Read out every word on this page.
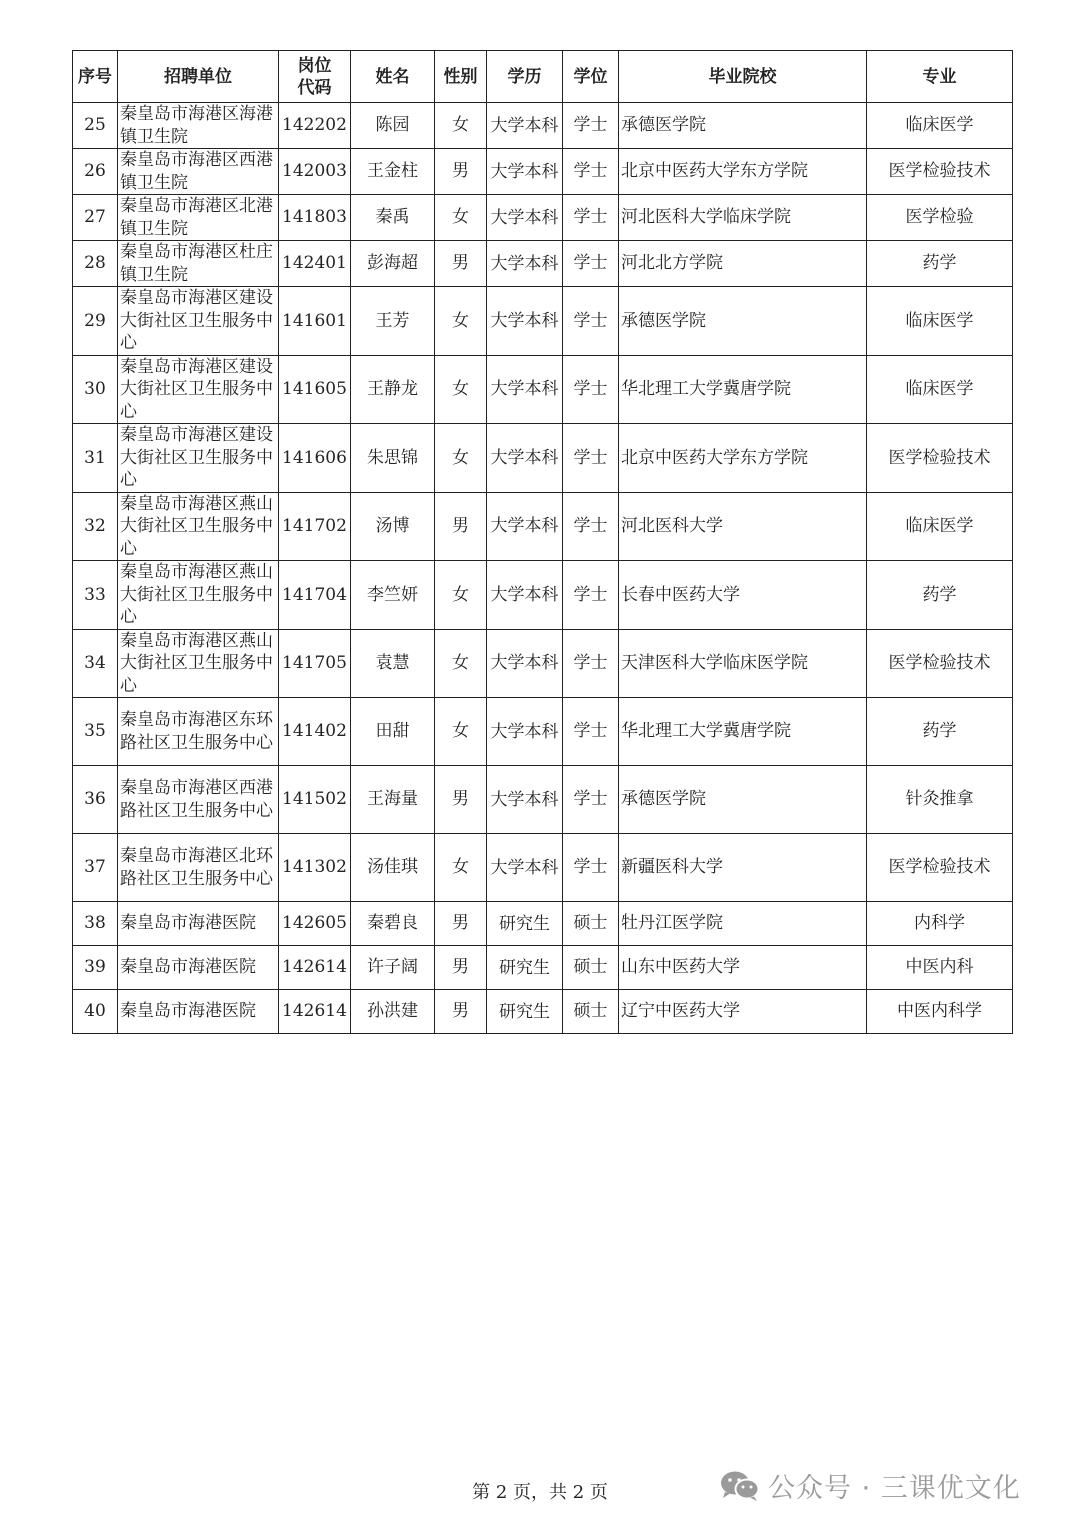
序号	招聘单位	岗位代码	姓名	性别	学历	学位	毕业院校	专业
25	秦皇岛市海港区海港镇卫生院	142202	陈园	女	大学本科	学士	承德医学院	临床医学
26	秦皇岛市海港区西港镇卫生院	142003	王金柱	男	大学本科	学士	北京中医药大学东方学院	医学检验技术
27	秦皇岛市海港区北港镇卫生院	141803	秦禹	女	大学本科	学士	河北医科大学临床学院	医学检验
28	秦皇岛市海港区杜庄镇卫生院	142401	彭海超	男	大学本科	学士	河北北方学院	药学
29	秦皇岛市海港区建设大街社区卫生服务中心	141601	王芳	女	大学本科	学士	承德医学院	临床医学
30	秦皇岛市海港区建设大街社区卫生服务中心	141605	王静龙	女	大学本科	学士	华北理工大学冀唐学院	临床医学
31	秦皇岛市海港区建设大街社区卫生服务中心	141606	朱思锦	女	大学本科	学士	北京中医药大学东方学院	医学检验技术
32	秦皇岛市海港区燕山大街社区卫生服务中心	141702	汤博	男	大学本科	学士	河北医科大学	临床医学
33	秦皇岛市海港区燕山大街社区卫生服务中心	141704	李竺妍	女	大学本科	学士	长春中医药大学	药学
34	秦皇岛市海港区燕山大街社区卫生服务中心	141705	袁慧	女	大学本科	学士	天津医科大学临床医学院	医学检验技术
35	秦皇岛市海港区东环路社区卫生服务中心	141402	田甜	女	大学本科	学士	华北理工大学冀唐学院	药学
36	秦皇岛市海港区西港路社区卫生服务中心	141502	王海量	男	大学本科	学士	承德医学院	针灸推拿
37	秦皇岛市海港区北环路社区卫生服务中心	141302	汤佳琪	女	大学本科	学士	新疆医科大学	医学检验技术
38	秦皇岛市海港医院	142605	秦碧良	男	研究生	硕士	牡丹江医学院	内科学
39	秦皇岛市海港医院	142614	许子阔	男	研究生	硕士	山东中医药大学	中医内科
40	秦皇岛市海港医院	142614	孙洪建	男	研究生	硕士	辽宁中医药大学	中医内科学
第 2 页，共 2 页	公众号 · 三课优文化
